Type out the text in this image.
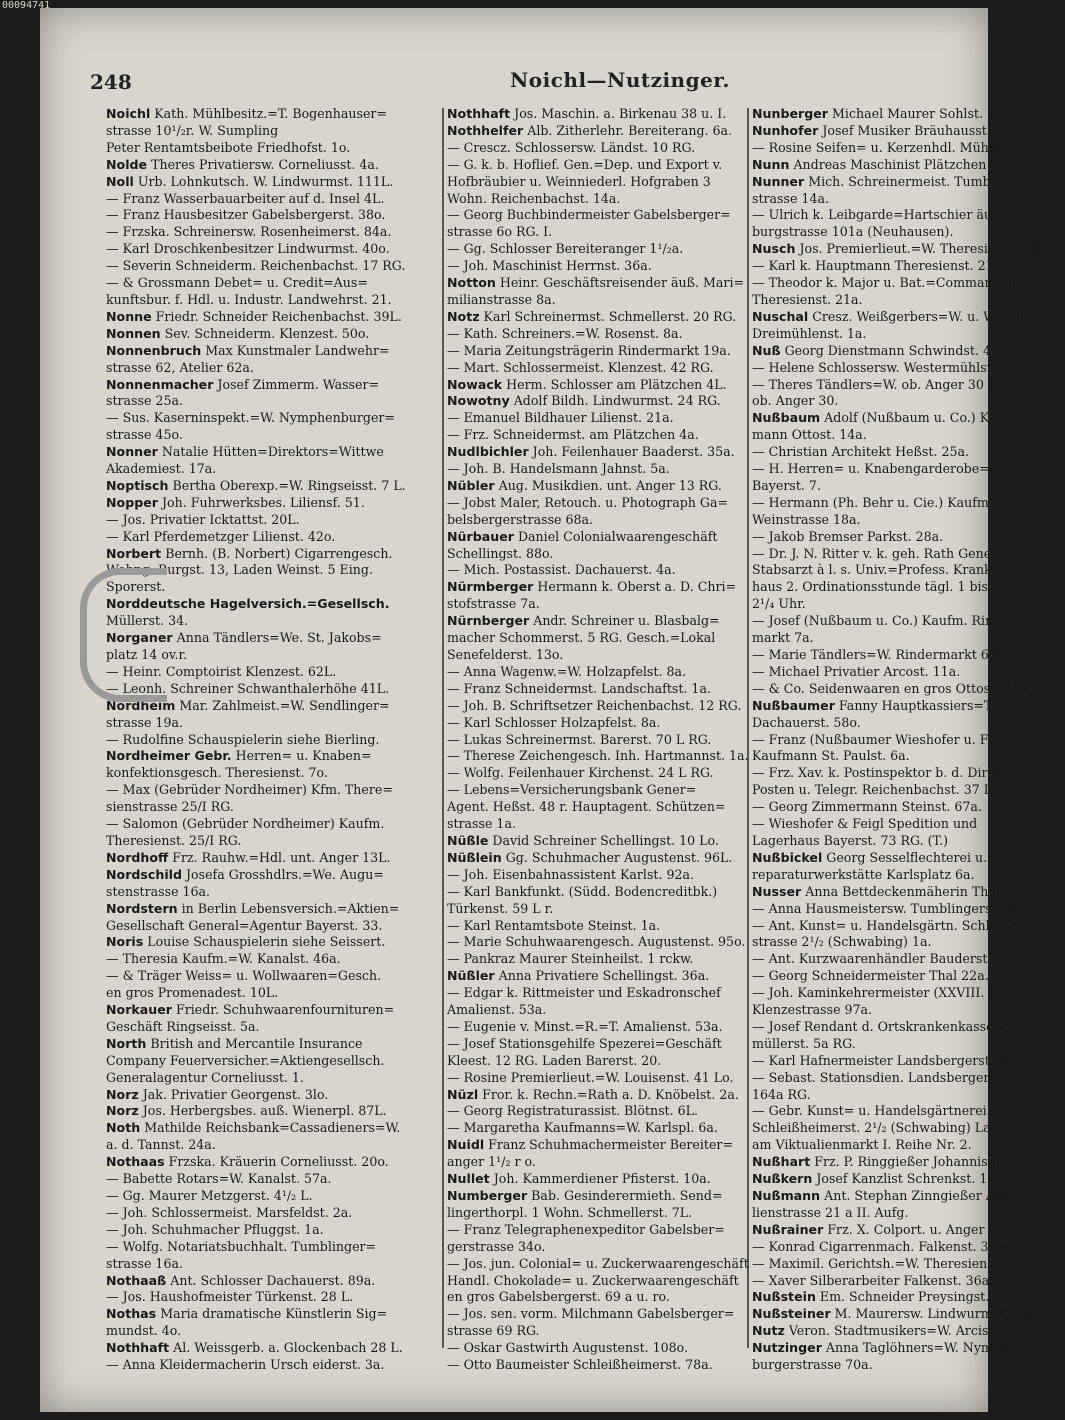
248	Noichl—Nutzinger.
Noichl Kath. Mühlbesitz.=T. Bogenhauser=
strasse 10¹/₂r. W. Sumpling
Peter Rentamtsbeibote Friedhofst. 1o.
Nolde Theres Privatiersw. Corneliusst. 4a.
Noll Urb. Lohnkutsch. W. Lindwurmst. 111L.
— Franz Wasserbauarbeiter auf d. Insel 4L.
— Franz Hausbesitzer Gabelsbergerst. 38o.
— Frzska. Schreinersw. Rosenheimerst. 84a.
— Karl Droschkenbesitzer Lindwurmst. 40o.
— Severin Schneiderm. Reichenbachst. 17 RG.
— & Grossmann Debet= u. Credit=Aus=
kunftsbur. f. Hdl. u. Industr. Landwehrst. 21.
Nonne Friedr. Schneider Reichenbachst. 39L.
Nonnen Sev. Schneiderm. Klenzest. 50o.
Nonnenbruch Max Kunstmaler Landwehr=
strasse 62, Atelier 62a.
Nonnenmacher Josef Zimmerm. Wasser=
strasse 25a.
— Sus. Kaserninspekt.=W. Nymphenburger=
strasse 45o.
Nonner Natalie Hütten=Direktors=Wittwe
Akademiest. 17a.
Noptisch Bertha Oberexp.=W. Ringseisst. 7 L.
Nopper Joh. Fuhrwerksbes. Liliensf. 51.
— Jos. Privatier Icktattst. 20L.
— Karl Pferdemetzger Lilienst. 42o.
Norbert Bernh. (B. Norbert) Cigarrengesch.
Wohng. Burgst. 13, Laden Weinst. 5 Eing.
Sporerst.
Norddeutsche Hagelversich.=Gesellsch.
Müllerst. 34.
Norganer Anna Tändlers=We. St. Jakobs=
platz 14 ov.r.
— Heinr. Comptoirist Klenzest. 62L.
— Leonh. Schreiner Schwanthalerhöhe 41L.
Nordheim Mar. Zahlmeist.=W. Sendlinger=
strasse 19a.
— Rudolfine Schauspielerin siehe Bierling.
Nordheimer Gebr. Herren= u. Knaben=
konfektionsgesch. Theresienst. 7o.
— Max (Gebrüder Nordheimer) Kfm. There=
sienstrasse 25/I RG.
— Salomon (Gebrüder Nordheimer) Kaufm.
Theresienst. 25/I RG.
Nordhoff Frz. Rauhw.=Hdl. unt. Anger 13L.
Nordschild Josefa Grosshdlrs.=We. Augu=
stenstrasse 16a.
Nordstern in Berlin Lebensversich.=Aktien=
Gesellschaft General=Agentur Bayerst. 33.
Noris Louise Schauspielerin siehe Seissert.
— Theresia Kaufm.=W. Kanalst. 46a.
— & Träger Weiss= u. Wollwaaren=Gesch.
en gros Promenadest. 10L.
Norkauer Friedr. Schuhwaarenfournituren=
Geschäft Ringseisst. 5a.
North British and Mercantile Insurance
Company Feuerversicher.=Aktiengesellsch.
Generalagentur Corneliusst. 1.
Norz Jak. Privatier Georgenst. 3lo.
Norz Jos. Herbergsbes. auß. Wienerpl. 87L.
Noth Mathilde Reichsbank=Cassadieners=W.
a. d. Tannst. 24a.
Nothaas Frzska. Kräuerin Corneliusst. 20o.
— Babette Rotars=W. Kanalst. 57a.
— Gg. Maurer Metzgerst. 4¹/₂ L.
— Joh. Schlossermeist. Marsfeldst. 2a.
— Joh. Schuhmacher Pfluggst. 1a.
— Wolfg. Notariatsbuchhalt. Tumblinger=
strasse 16a.
Nothaaß Ant. Schlosser Dachauerst. 89a.
— Jos. Haushofmeister Türkenst. 28 L.
Nothas Maria dramatische Künstlerin Sig=
mundst. 4o.
Nothhaft Al. Weissgerb. a. Glockenbach 28 L.
— Anna Kleidermacherin Ursch eiderst. 3a.
Nothhaft Jos. Maschin. a. Birkenau 38 u. I.
Nothhelfer Alb. Zitherlehr. Bereiterang. 6a.
— Crescz. Schlossersw. Ländst. 10 RG.
— G. k. b. Hoflief. Gen.=Dep. und Export v.
Hofbräubier u. Weinniederl. Hofgraben 3
Wohn. Reichenbachst. 14a.
— Georg Buchbindermeister Gabelsberger=
strasse 6o RG. I.
— Gg. Schlosser Bereiteranger 1¹/₂a.
— Joh. Maschinist Herrnst. 36a.
Notton Heinr. Geschäftsreisender äuß. Mari=
milianstrasse 8a.
Notz Karl Schreinermst. Schmellerst. 20 RG.
— Kath. Schreiners.=W. Rosenst. 8a.
— Maria Zeitungsträgerin Rindermarkt 19a.
— Mart. Schlossermeist. Klenzest. 42 RG.
Nowack Herm. Schlosser am Plätzchen 4L.
Nowotny Adolf Bildh. Lindwurmst. 24 RG.
— Emanuel Bildhauer Lilienst. 21a.
— Frz. Schneidermst. am Plätzchen 4a.
Nudlbichler Joh. Feilenhauer Baaderst. 35a.
— Joh. B. Handelsmann Jahnst. 5a.
Nübler Aug. Musikdien. unt. Anger 13 RG.
— Jobst Maler, Retouch. u. Photograph Ga=
belsbergerstrasse 68a.
Nürbauer Daniel Colonialwaarengeschäft
Schellingst. 88o.
— Mich. Postassist. Dachauerst. 4a.
Nürmberger Hermann k. Oberst a. D. Chri=
stofstrasse 7a.
Nürnberger Andr. Schreiner u. Blasbalg=
macher Schommerst. 5 RG. Gesch.=Lokal
Senefelderst. 13o.
— Anna Wagenw.=W. Holzapfelst. 8a.
— Franz Schneidermst. Landschaftst. 1a.
— Joh. B. Schriftsetzer Reichenbachst. 12 RG.
— Karl Schlosser Holzapfelst. 8a.
— Lukas Schreinermst. Barerst. 70 L RG.
— Therese Zeichengesch. Inh. Hartmannst. 1a.
— Wolfg. Feilenhauer Kirchenst. 24 L RG.
— Lebens=Versicherungsbank Gener=
Agent. Heßst. 48 r. Hauptagent. Schützen=
strasse 1a.
Nüßle David Schreiner Schellingst. 10 Lo.
Nüßlein Gg. Schuhmacher Augustenst. 96L.
— Joh. Eisenbahnassistent Karlst. 92a.
— Karl Bankfunkt. (Südd. Bodencreditbk.)
Türkenst. 59 L r.
— Karl Rentamtsbote Steinst. 1a.
— Marie Schuhwaarengesch. Augustenst. 95o.
— Pankraz Maurer Steinheilst. 1 rckw.
Nüßler Anna Privatiere Schellingst. 36a.
— Edgar k. Rittmeister und Eskadronschef
Amalienst. 53a.
— Eugenie v. Minst.=R.=T. Amalienst. 53a.
— Josef Stationsgehilfe Spezerei=Geschäft
Kleest. 12 RG. Laden Barerst. 20.
— Rosine Premierlieut.=W. Louisenst. 41 Lo.
Nüzl Fror. k. Rechn.=Rath a. D. Knöbelst. 2a.
— Georg Registraturassist. Blötnst. 6L.
— Margaretha Kaufmanns=W. Karlspl. 6a.
Nuidl Franz Schuhmachermeister Bereiter=
anger 1¹/₂ r o.
Nullet Joh. Kammerdiener Pfisterst. 10a.
Numberger Bab. Gesinderermieth. Send=
lingerthorpl. 1 Wohn. Schmellerst. 7L.
— Franz Telegraphenexpeditor Gabelsber=
gerstrasse 34o.
— Jos. jun. Colonial= u. Zuckerwaarengeschäft
Handl. Chokolade= u. Zuckerwaarengeschäft
en gros Gabelsbergerst. 69 a u. ro.
— Jos. sen. vorm. Milchmann Gabelsberger=
strasse 69 RG.
— Oskar Gastwirth Augustenst. 108o.
— Otto Baumeister Schleißheimerst. 78a.
Nunberger Michael Maurer Sohlst. 7a.
Nunhofer Josef Musiker Bräuhausst. 8a.
— Rosine Seifen= u. Kerzenhdl. Mühlnsld. 19.
Nunn Andreas Maschinist Plätzchen 2 RG.
Nunner Mich. Schreinermeist. Tumblinger=
strasse 14a.
— Ulrich k. Leibgarde=Hartschier äuß. Bluten=
burgstrasse 101a (Neuhausen).
Nusch Jos. Premierlieut.=W. Theresienst. 21a.
— Karl k. Hauptmann Theresienst. 21a.
— Theodor k. Major u. Bat.=Commandeur
Theresienst. 21a.
Nuschal Cresz. Weißgerbers=W. u. Wäscherin
Dreimühlenst. 1a.
Nuß Georg Dienstmann Schwindst. 4 RG.
— Helene Schlossersw. Westermühlst. 39 RG.
— Theres Tändlers=W. ob. Anger 30 Gg.
ob. Anger 30.
Nußbaum Adolf (Nußbaum u. Co.) Kauf=
mann Ottost. 14a.
— Christian Architekt Heßst. 25a.
— H. Herren= u. Knabengarderobe=Geschäft
Bayerst. 7.
— Hermann (Ph. Behr u. Cie.) Kaufmann
Weinstrasse 18a.
— Jakob Bremser Parkst. 28a.
— Dr. J. N. Ritter v. k. geh. Rath General=
Stabsarzt à l. s. Univ.=Profess. Kranken=
haus 2. Ordinationsstunde tägl. 1 bis
2¹/₄ Uhr.
— Josef (Nußbaum u. Co.) Kaufm. Rinder=
markt 7a.
— Marie Tändlers=W. Rindermarkt 6 L.
— Michael Privatier Arcost. 11a.
— & Co. Seidenwaaren en gros Ottost. 14a.
Nußbaumer Fanny Hauptkassiers=Tochter
Dachauerst. 58o.
— Franz (Nußbaumer Wieshofer u. Feigl)
Kaufmann St. Paulst. 6a.
— Frz. Xav. k. Postinspektor b. d. Direktion d.
Posten u. Telegr. Reichenbachst. 37 I.
— Georg Zimmermann Steinst. 67a.
— Wieshofer & Feigl Spedition und
Lagerhaus Bayerst. 73 RG. (T.)
Nußbickel Georg Sesselflechterei u. Sessel=
reparaturwerkstätte Karlsplatz 6a.
Nusser Anna Bettdeckenmäherin Thal 22a.
— Anna Hausmeistersw. Tumblingerst. 12 L.
— Ant. Kunst= u. Handelsgärtn. Schleißheimer=
strasse 2¹/₂ (Schwabing) 1a.
— Ant. Kurzwaarenhändler Bauderst. 35o.
— Georg Schneidermeister Thal 22a.
— Joh. Kaminkehrermeister (XXVIII. Bez.)
Klenzestrasse 97a.
— Josef Rendant d. Ortskrankenkasse V. Z.
müllerst. 5a RG.
— Karl Hafnermeister Landsbergerst. 66o.
— Sebast. Stationsdien. Landsbergerstrasse
164a RG.
— Gebr. Kunst= u. Handelsgärtnerei äuß.
Schleißheimerst. 2¹/₂ (Schwabing) Laden
am Viktualienmarkt I. Reihe Nr. 2.
Nußhart Frz. P. Ringgießer Johannispl. 18o.
Nußkern Josef Kanzlist Schrenkst. 18a.
Nußmann Ant. Stephan Zinngießer Ama=
lienstrasse 21 a II. Aufg.
Nußrainer Frz. X. Colport. u. Anger 20 RG.
— Konrad Cigarrenmach. Falkenst. 36a.
— Maximil. Gerichtsh.=W. Theresienst. 15a.
— Xaver Silberarbeiter Falkenst. 36a.
Nußstein Em. Schneider Preysingst. 46 RG.
Nußsteiner M. Maurersw. Lindwurmst. 91a.
Nutz Veron. Stadtmusikers=W. Arcisst. 23a.
Nutzinger Anna Taglöhners=W. Nymphen=
burgerstrasse 70a.
00094741
